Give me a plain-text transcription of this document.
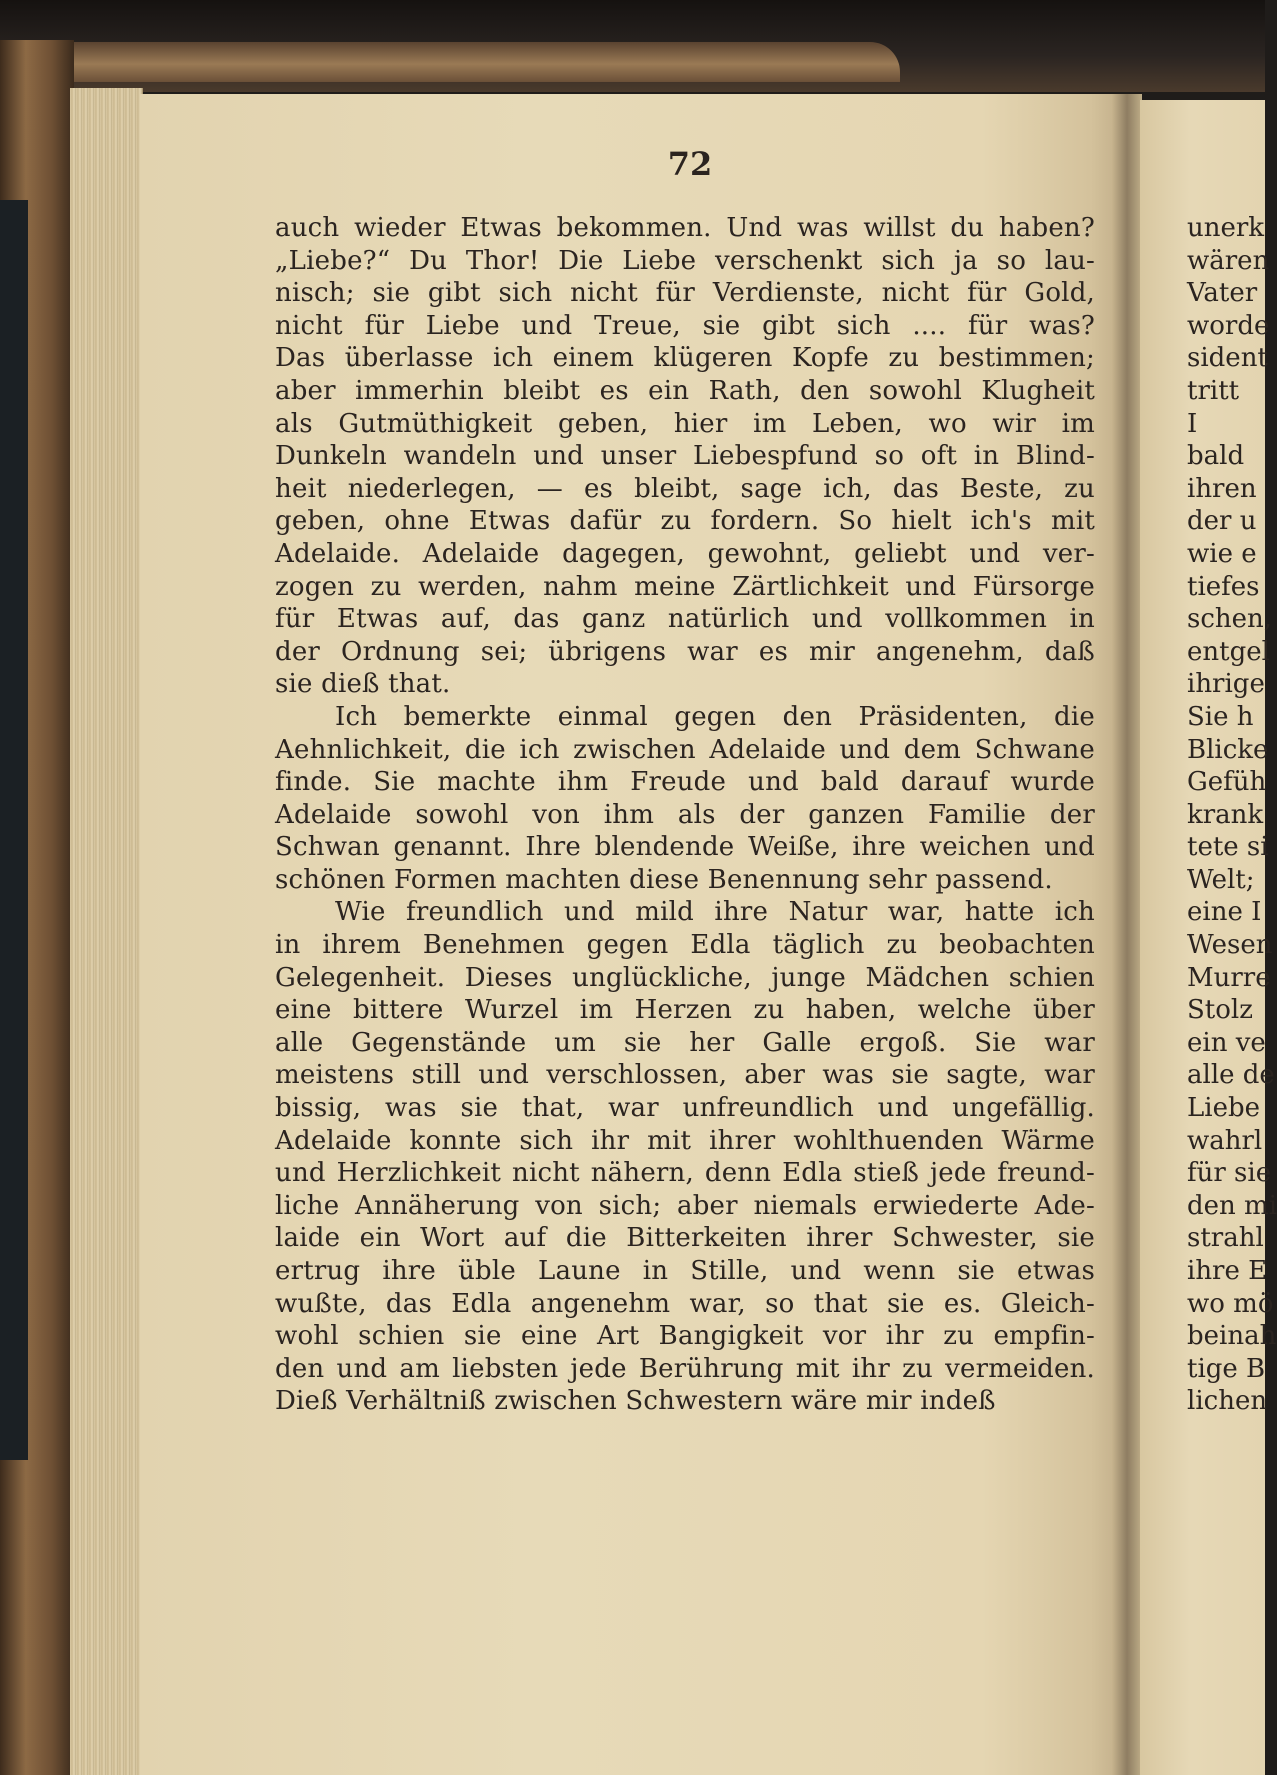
72
auch wieder Etwas bekommen. Und was willst du haben?
„Liebe?“ Du Thor! Die Liebe verschenkt sich ja so lau-
nisch; sie gibt sich nicht für Verdienste, nicht für Gold,
nicht für Liebe und Treue, sie gibt sich .... für was?
Das überlasse ich einem klügeren Kopfe zu bestimmen;
aber immerhin bleibt es ein Rath, den sowohl Klugheit
als Gutmüthigkeit geben, hier im Leben, wo wir im
Dunkeln wandeln und unser Liebespfund so oft in Blind-
heit niederlegen, — es bleibt, sage ich, das Beste, zu
geben, ohne Etwas dafür zu fordern. So hielt ich's mit
Adelaide. Adelaide dagegen, gewohnt, geliebt und ver-
zogen zu werden, nahm meine Zärtlichkeit und Fürsorge
für Etwas auf, das ganz natürlich und vollkommen in
der Ordnung sei; übrigens war es mir angenehm, daß
sie dieß that.
Ich bemerkte einmal gegen den Präsidenten, die
Aehnlichkeit, die ich zwischen Adelaide und dem Schwane
finde. Sie machte ihm Freude und bald darauf wurde
Adelaide sowohl von ihm als der ganzen Familie der
Schwan genannt. Ihre blendende Weiße, ihre weichen und
schönen Formen machten diese Benennung sehr passend.
Wie freundlich und mild ihre Natur war, hatte ich
in ihrem Benehmen gegen Edla täglich zu beobachten
Gelegenheit. Dieses unglückliche, junge Mädchen schien
eine bittere Wurzel im Herzen zu haben, welche über
alle Gegenstände um sie her Galle ergoß. Sie war
meistens still und verschlossen, aber was sie sagte, war
bissig, was sie that, war unfreundlich und ungefällig.
Adelaide konnte sich ihr mit ihrer wohlthuenden Wärme
und Herzlichkeit nicht nähern, denn Edla stieß jede freund-
liche Annäherung von sich; aber niemals erwiederte Ade-
laide ein Wort auf die Bitterkeiten ihrer Schwester, sie
ertrug ihre üble Laune in Stille, und wenn sie etwas
wußte, das Edla angenehm war, so that sie es. Gleich-
wohl schien sie eine Art Bangigkeit vor ihr zu empfin-
den und am liebsten jede Berührung mit ihr zu vermeiden.
Dieß Verhältniß zwischen Schwestern wäre mir indeß
unerk
wären
Vater
worde
sident
tritt
I
bald
ihren
der u
wie e
tiefes
schen,
entgel
ihrige
Sie h
Blicke
Gefüh
krank
tete si
Welt;
eine I
Wesen
Murre
Stolz
ein ve
alle de
Liebe
wahrl
für sie
den mi
strahl
ihre E
wo mö
beinah
tige B
lichen
